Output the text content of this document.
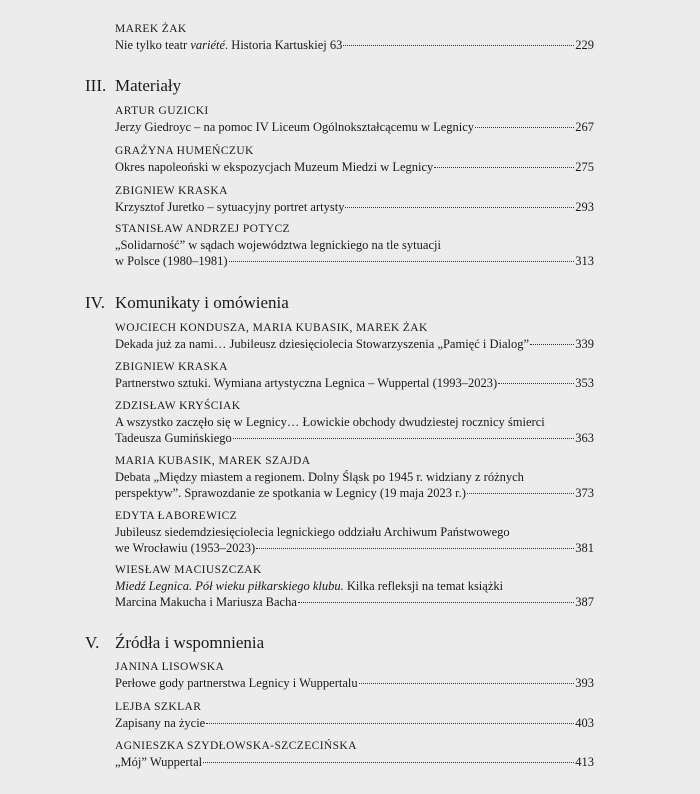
MAREK ŻAK
Nie tylko teatr variété. Historia Kartuskiej 63	229
III. Materiały
ARTUR GUZICKI
Jerzy Giedroyc – na pomoc IV Liceum Ogólnokształcącemu w Legnicy	267
GRAŻYNA HUMEŃCZUK
Okres napoleoński w ekspozycjach Muzeum Miedzi w Legnicy	275
ZBIGNIEW KRASKA
Krzysztof Juretko – sytuacyjny portret artysty	293
STANISŁAW ANDRZEJ POTYCZ
„Solidarność” w sądach województwa legnickiego na tle sytuacji
w Polsce (1980–1981)	313
IV. Komunikaty i omówienia
WOJCIECH KONDUSZA, MARIA KUBASIK, MAREK ŻAK
Dekada już za nami… Jubileusz dziesięciolecia Stowarzyszenia „Pamięć i Dialog”	339
ZBIGNIEW KRASKA
Partnerstwo sztuki. Wymiana artystyczna Legnica – Wuppertal (1993–2023)	353
ZDZISŁAW KRYŚCIAK
A wszystko zaczęło się w Legnicy… Łowickie obchody dwudziestej rocznicy śmierci
Tadeusza Gumińskiego	363
MARIA KUBASIK, MAREK SZAJDA
Debata „Między miastem a regionem. Dolny Śląsk po 1945 r. widziany z różnych
perspektyw”. Sprawozdanie ze spotkania w Legnicy (19 maja 2023 r.)	373
EDYTA ŁABOREWICZ
Jubileusz siedemdziesięciolecia legnickiego oddziału Archiwum Państwowego
we Wrocławiu (1953–2023)	381
WIESŁAW MACIUSZCZAK
Miedź Legnica. Pół wieku piłkarskiego klubu. Kilka refleksji na temat książki
Marcina Makucha i Mariusza Bacha	387
V. Źródła i wspomnienia
JANINA LISOWSKA
Perłowe gody partnerstwa Legnicy i Wuppertalu	393
LEJBA SZKLAR
Zapisany na życie	403
AGNIESZKA SZYDŁOWSKA-SZCZECIŃSKA
„Mój” Wuppertal	413
